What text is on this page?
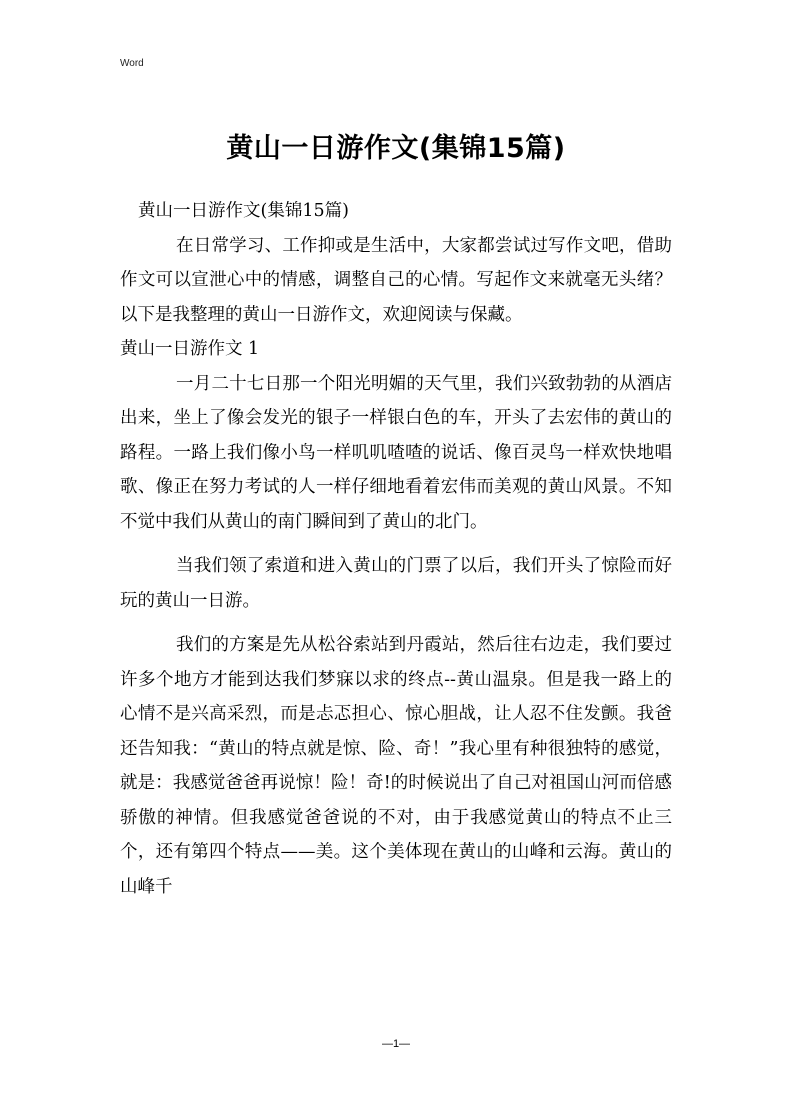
Word
黄山一日游作文(集锦15篇)

黄山一日游作文(集锦15篇)

在日常学习、工作抑或是生活中，大家都尝试过写作文吧，借助作文可以宣泄心中的情感，调整自己的心情。写起作文来就毫无头绪？以下是我整理的黄山一日游作文，欢迎阅读与保藏。

黄山一日游作文 1

一月二十七日那一个阳光明媚的天气里，我们兴致勃勃的从酒店出来，坐上了像会发光的银子一样银白色的车，开头了去宏伟的黄山的路程。一路上我们像小鸟一样叽叽喳喳的说话、像百灵鸟一样欢快地唱歌、像正在努力考试的人一样仔细地看着宏伟而美观的黄山风景。不知不觉中我们从黄山的南门瞬间到了黄山的北门。

当我们领了索道和进入黄山的门票了以后，我们开头了惊险而好玩的黄山一日游。

我们的方案是先从松谷索站到丹霞站，然后往右边走，我们要过许多个地方才能到达我们梦寐以求的终点--黄山温泉。但是我一路上的心情不是兴高采烈，而是忐忑担心、惊心胆战，让人忍不住发颤。我爸还告知我：“黄山的特点就是惊、险、奇！”我心里有种很独特的感觉，就是：我感觉爸爸再说惊！险！奇!的时候说出了自己对祖国山河而倍感骄傲的神情。但我感觉爸爸说的不对，由于我感觉黄山的特点不止三个，还有第四个特点——美。这个美体现在黄山的山峰和云海。黄山的山峰千

—1—
